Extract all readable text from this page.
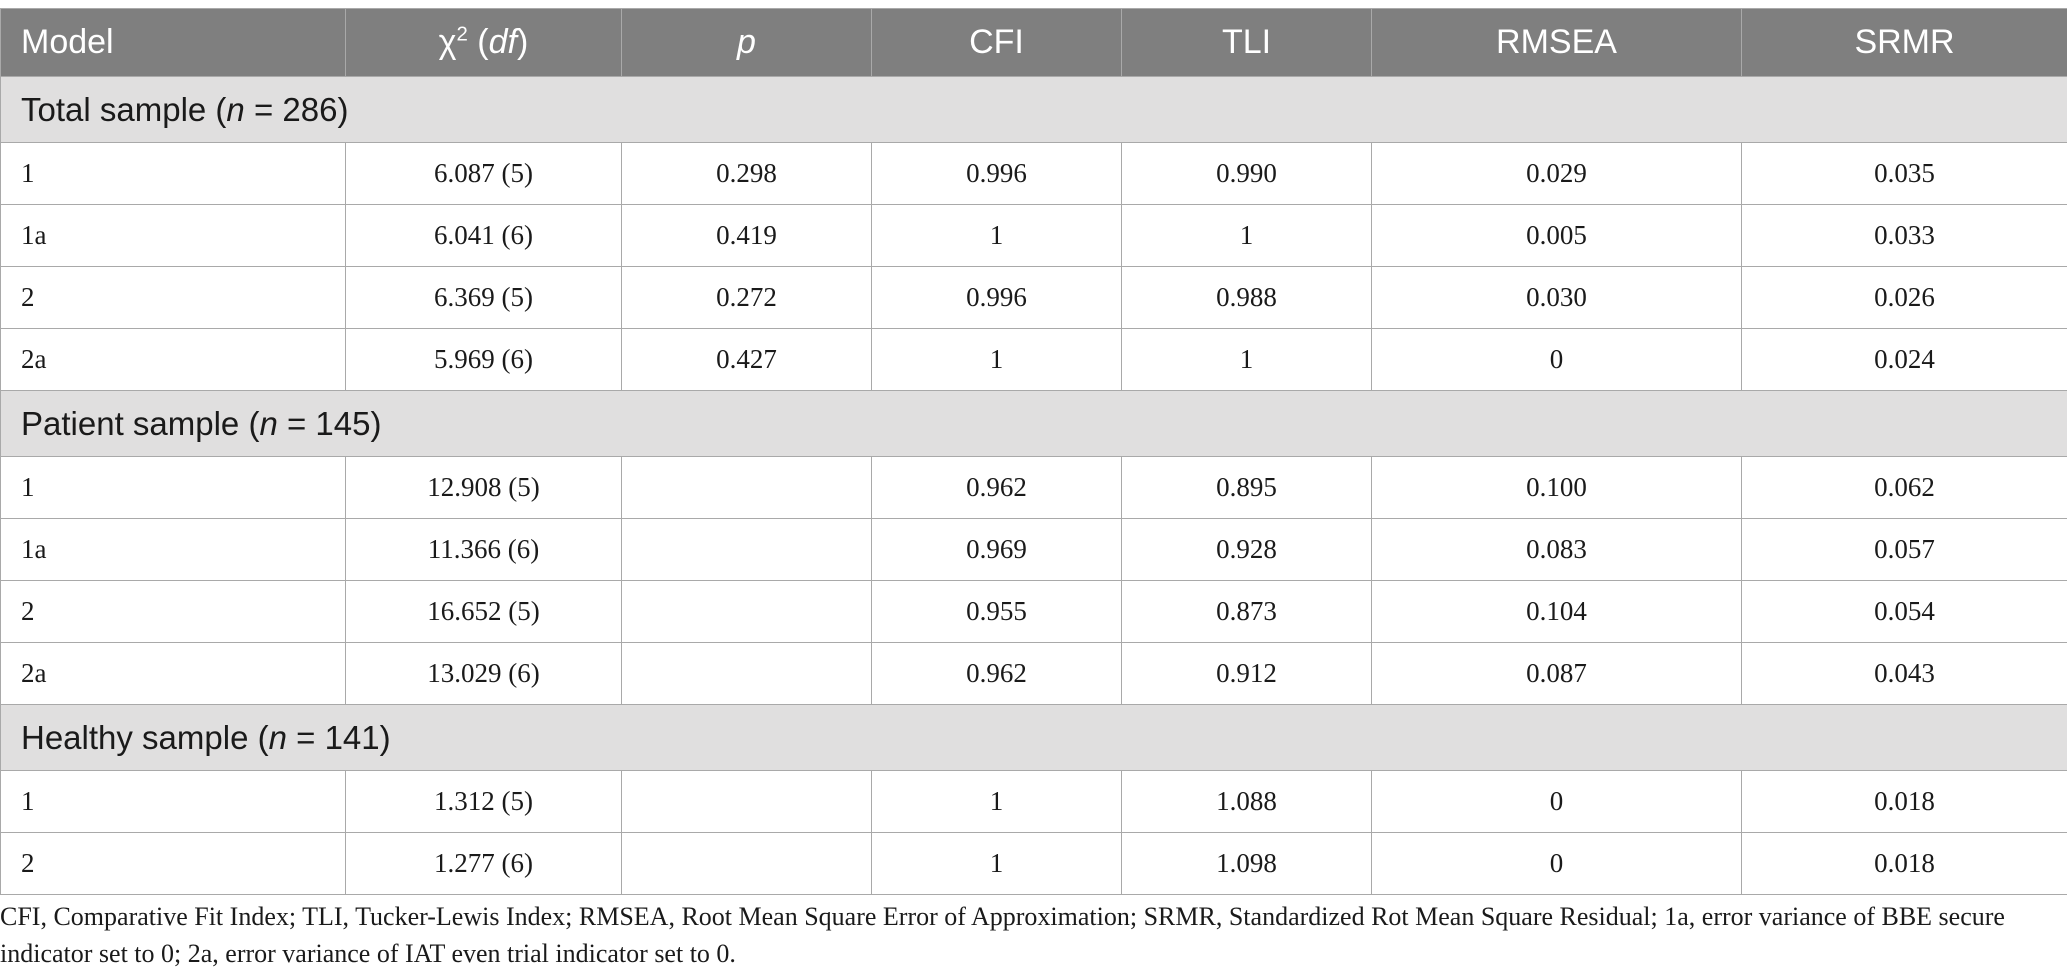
Model	$\chi^2$ (df)	p	CFI	TLI	RMSEA	SRMR
Total sample (n = 286)						
1	6.087 (5)	0.298	0.996	0.990	0.029	0.035
1a	6.041 (6)	0.419	1	1	0.005	0.033
2	6.369 (5)	0.272	0.996	0.988	0.030	0.026
2a	5.969 (6)	0.427	1	1	0	0.024
Patient sample (n = 145)						
1	12.908 (5)		0.962	0.895	0.100	0.062
1a	11.366 (6)		0.969	0.928	0.083	0.057
2	16.652 (5)		0.955	0.873	0.104	0.054
2a	13.029 (6)		0.962	0.912	0.087	0.043
Healthy sample (n = 141)						
1	1.312 (5)		1	1.088	0	0.018
2	1.277 (6)		1	1.098	0	0.018
CFI, Comparative Fit Index; TLI, Tucker-Lewis Index; RMSEA, Root Mean Square Error of Approximation; SRMR, Standardized Rot Mean Square Residual; 1a, error variance of BBE secure indicator set to 0; 2a, error variance of IAT even trial indicator set to 0.
